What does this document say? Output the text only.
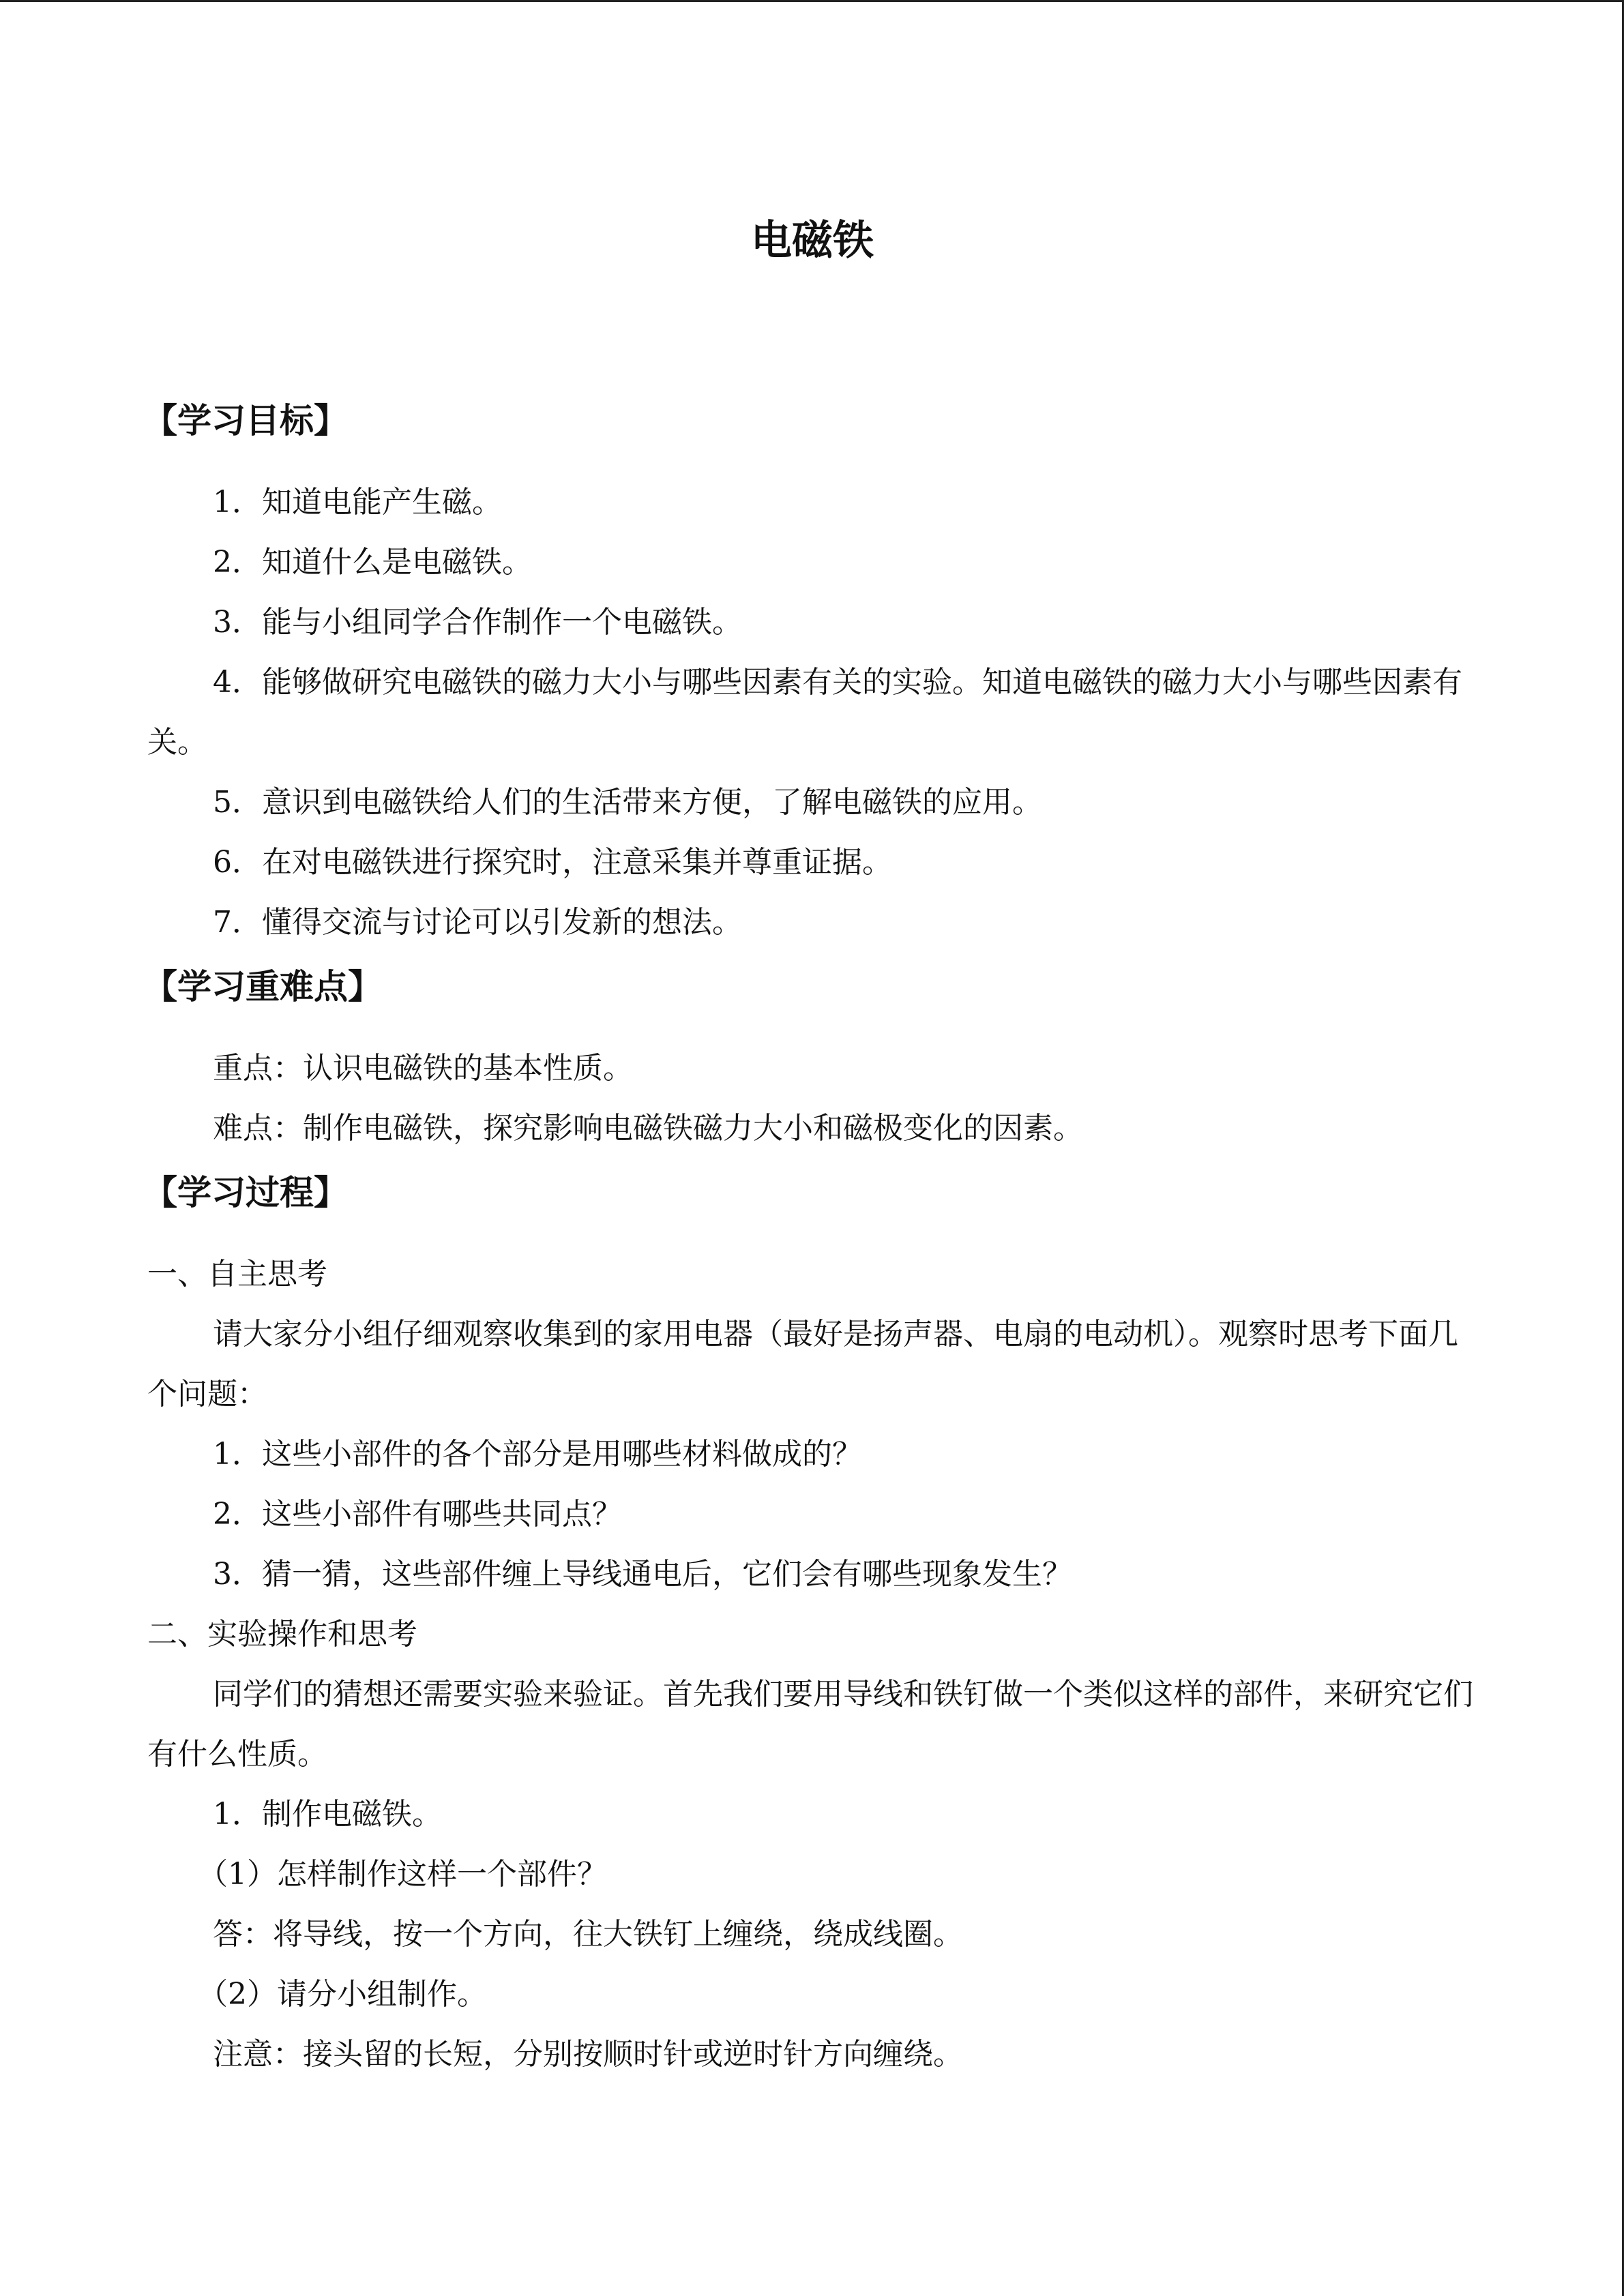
电磁铁
【学习目标】

1．知道电能产生磁。

2．知道什么是电磁铁。

3．能与小组同学合作制作一个电磁铁。

4．能够做研究电磁铁的磁力大小与哪些因素有关的实验。知道电磁铁的磁力大小与哪些因素有关。

5．意识到电磁铁给人们的生活带来方便，了解电磁铁的应用。

6．在对电磁铁进行探究时，注意采集并尊重证据。

7．懂得交流与讨论可以引发新的想法。

【学习重难点】

重点：认识电磁铁的基本性质。

难点：制作电磁铁，探究影响电磁铁磁力大小和磁极变化的因素。

【学习过程】

一、自主思考

请大家分小组仔细观察收集到的家用电器（最好是扬声器、电扇的电动机）。观察时思考下面几个问题：

1．这些小部件的各个部分是用哪些材料做成的？

2．这些小部件有哪些共同点？

3．猜一猜，这些部件缠上导线通电后，它们会有哪些现象发生？

二、实验操作和思考

同学们的猜想还需要实验来验证。首先我们要用导线和铁钉做一个类似这样的部件，来研究它们有什么性质。

1．制作电磁铁。

（1）怎样制作这样一个部件？

答：将导线，按一个方向，往大铁钉上缠绕，绕成线圈。

（2）请分小组制作。

注意：接头留的长短，分别按顺时针或逆时针方向缠绕。
